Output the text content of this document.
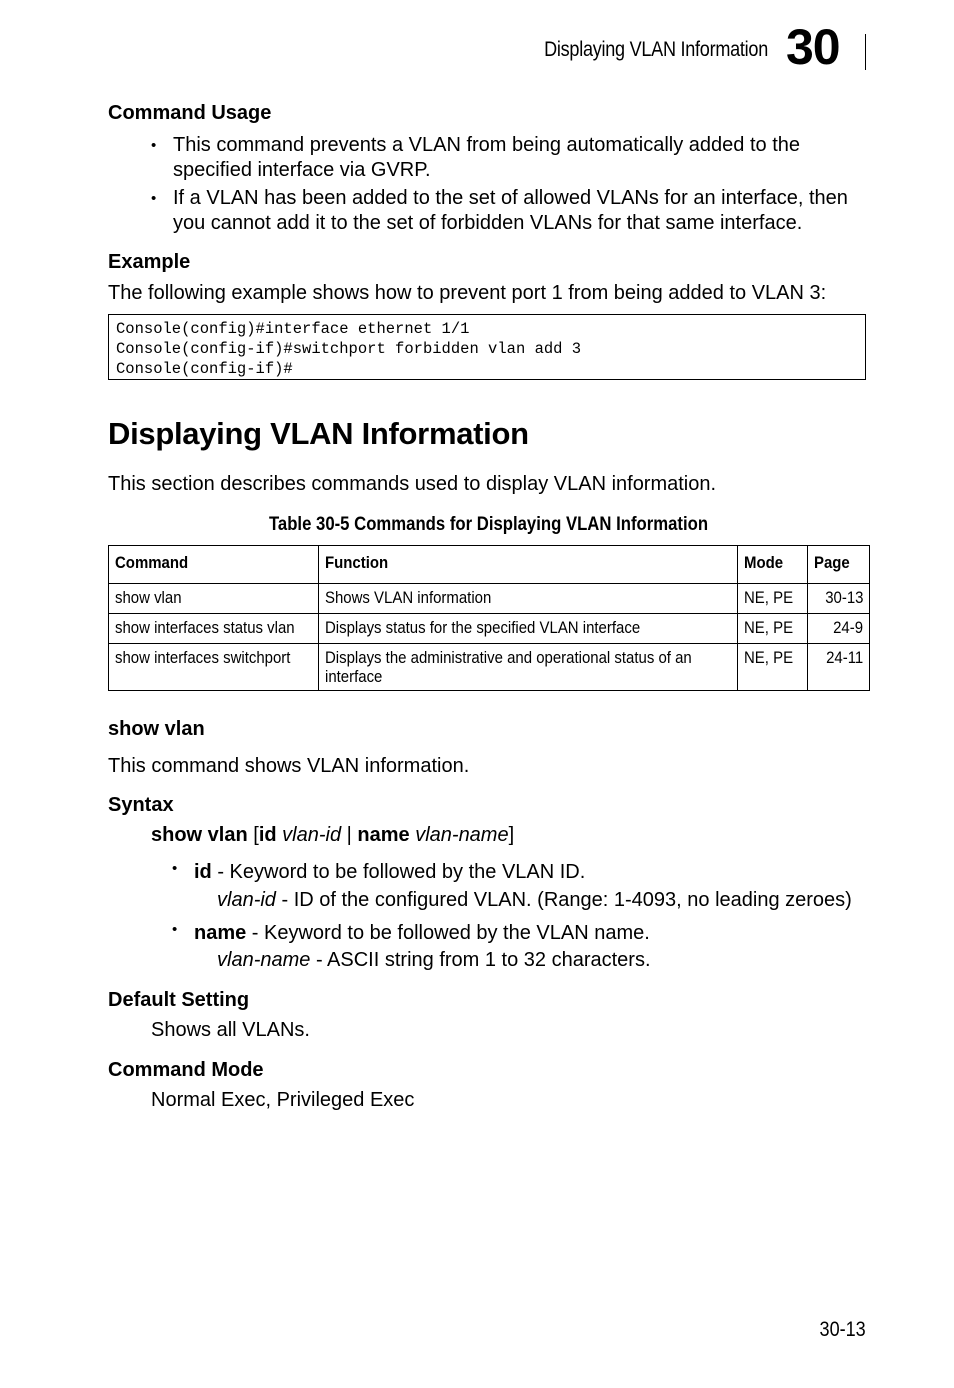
Displaying VLAN Information 30
Command Usage
• This command prevents a VLAN from being automatically added to the specified interface via GVRP.
• If a VLAN has been added to the set of allowed VLANs for an interface, then you cannot add it to the set of forbidden VLANs for that same interface.
Example
The following example shows how to prevent port 1 from being added to VLAN 3:
Console(config)#interface ethernet 1/1
Console(config-if)#switchport forbidden vlan add 3
Console(config-if)#
Displaying VLAN Information
This section describes commands used to display VLAN information.
Table 30-5 Commands for Displaying VLAN Information
Command	Function	Mode	Page
show vlan	Shows VLAN information	NE, PE	30-13
show interfaces status vlan	Displays status for the specified VLAN interface	NE, PE	24-9
show interfaces switchport	Displays the administrative and operational status of an interface	NE, PE	24-11
show vlan
This command shows VLAN information.
Syntax
show vlan [id vlan-id | name vlan-name]
• id - Keyword to be followed by the VLAN ID.
vlan-id - ID of the configured VLAN. (Range: 1-4093, no leading zeroes)
• name - Keyword to be followed by the VLAN name.
vlan-name - ASCII string from 1 to 32 characters.
Default Setting
Shows all VLANs.
Command Mode
Normal Exec, Privileged Exec
30-13
